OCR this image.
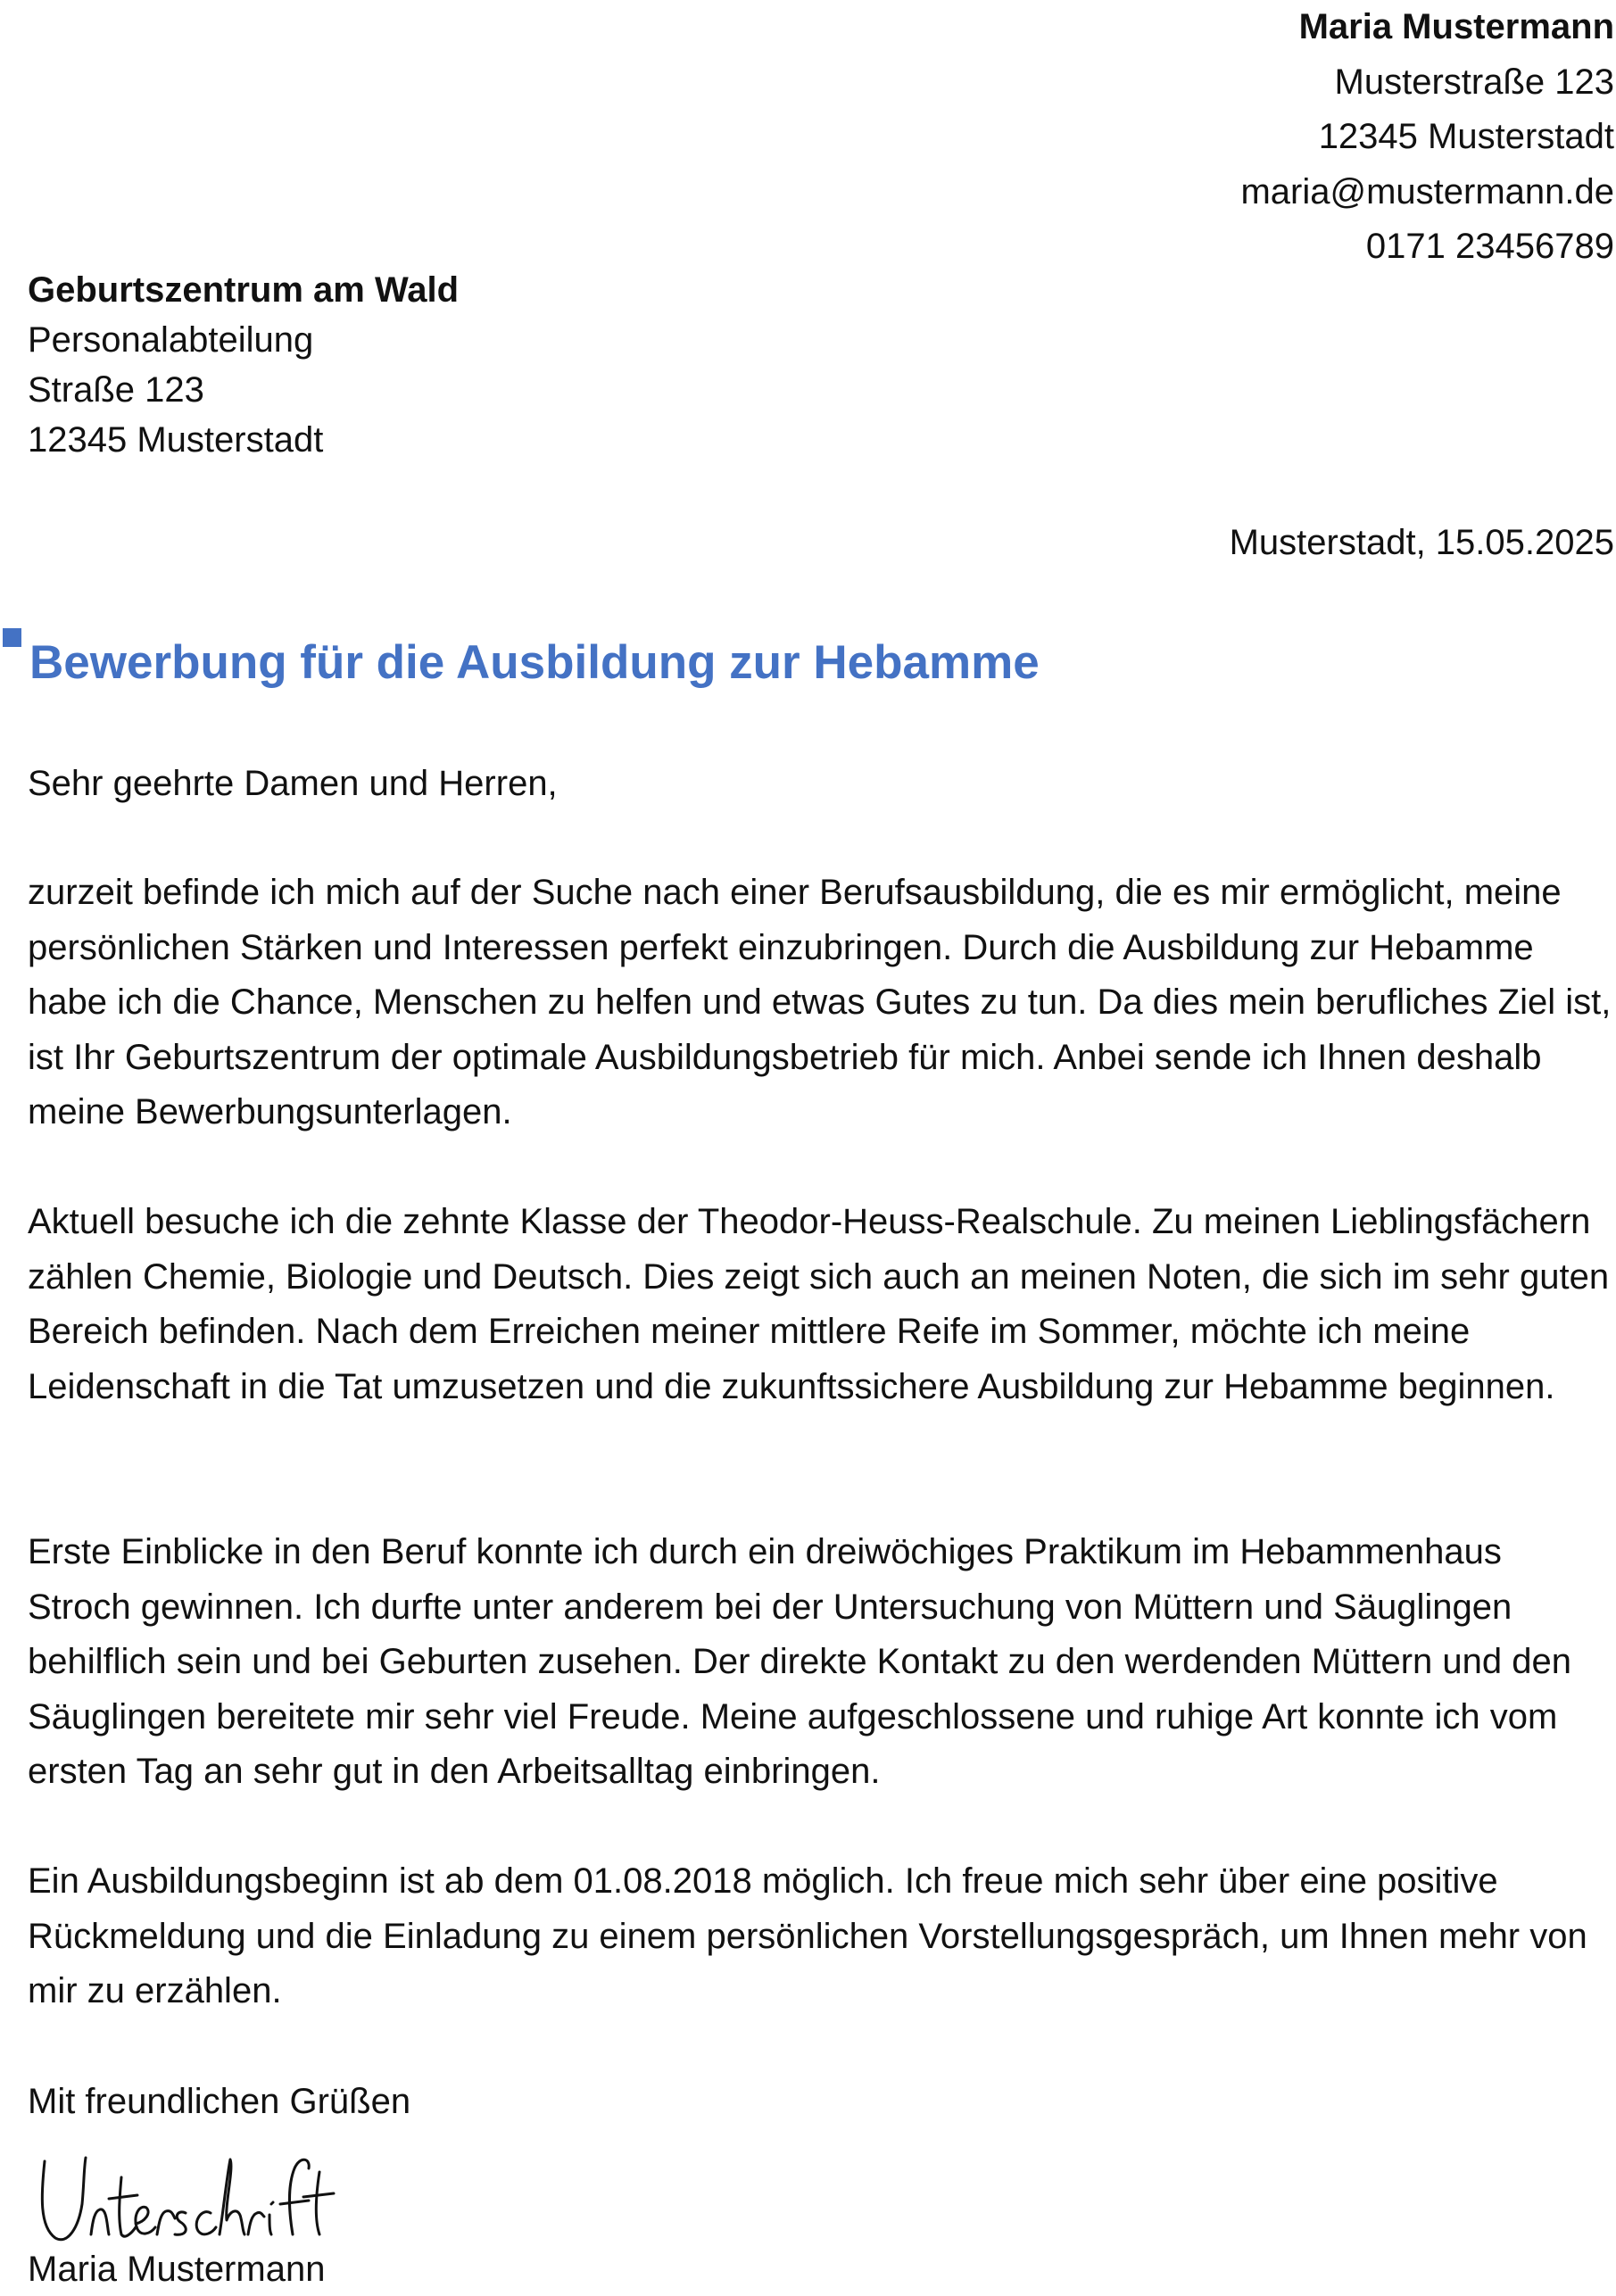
Maria Mustermann
Musterstraße 123
12345 Musterstadt
maria@mustermann.de
0171 23456789
Geburtszentrum am Wald
Personalabteilung
Straße 123
12345 Musterstadt
Musterstadt, 15.05.2025
Bewerbung für die Ausbildung zur Hebamme
Sehr geehrte Damen und Herren,

zurzeit befinde ich mich auf der Suche nach einer Berufsausbildung, die es mir ermöglicht, meine persönlichen Stärken und Interessen perfekt einzubringen. Durch die Ausbildung zur Hebamme habe ich die Chance, Menschen zu helfen und etwas Gutes zu tun. Da dies mein berufliches Ziel ist, ist Ihr Geburtszentrum der optimale Ausbildungsbetrieb für mich. Anbei sende ich Ihnen deshalb meine Bewerbungsunterlagen.

Aktuell besuche ich die zehnte Klasse der Theodor-Heuss-Realschule. Zu meinen Lieblingsfächern zählen Chemie, Biologie und Deutsch. Dies zeigt sich auch an meinen Noten, die sich im sehr guten Bereich befinden. Nach dem Erreichen meiner mittlere Reife im Sommer, möchte ich meine Leidenschaft in die Tat umzusetzen und die zukunftssichere Ausbildung zur Hebamme beginnen.

Erste Einblicke in den Beruf konnte ich durch ein dreiwöchiges Praktikum im Hebammenhaus Stroch gewinnen. Ich durfte unter anderem bei der Untersuchung von Müttern und Säuglingen behilflich sein und bei Geburten zusehen. Der direkte Kontakt zu den werdenden Müttern und den Säuglingen bereitete mir sehr viel Freude. Meine aufgeschlossene und ruhige Art konnte ich vom ersten Tag an sehr gut in den Arbeitsalltag einbringen.

Ein Ausbildungsbeginn ist ab dem 01.08.2018 möglich. Ich freue mich sehr über eine positive Rückmeldung und die Einladung zu einem persönlichen Vorstellungsgespräch, um Ihnen mehr von mir zu erzählen.

Mit freundlichen Grüßen
Maria Mustermann
